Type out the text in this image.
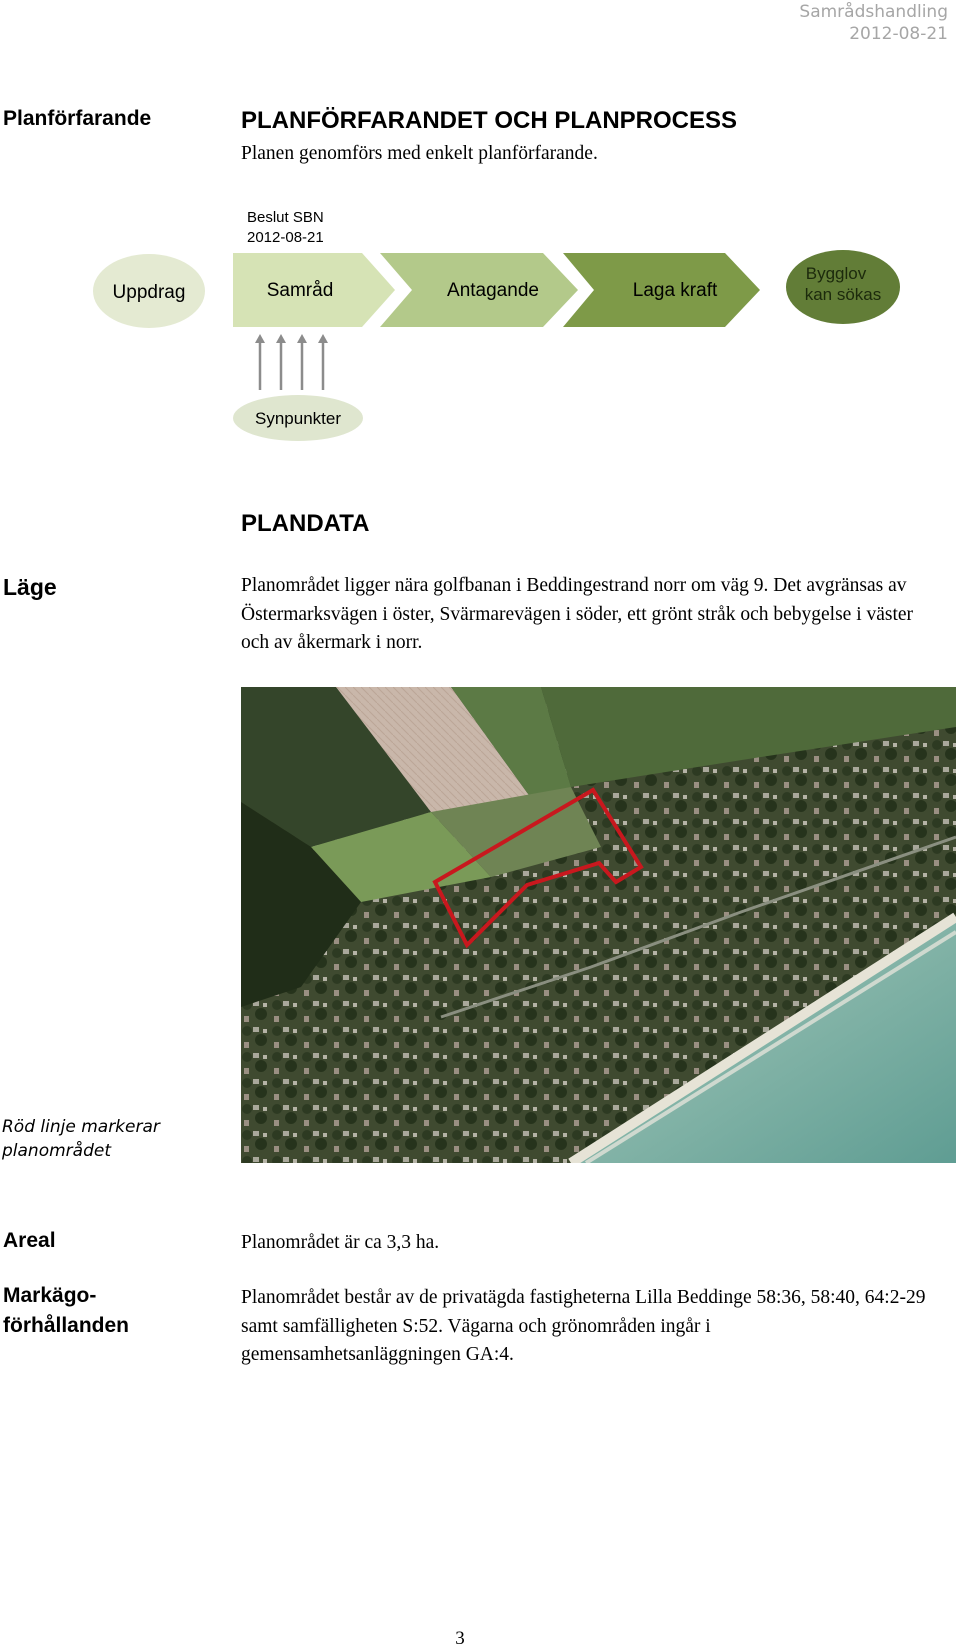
Samrådshandling
2012-08-21
Planförfarande	PLANFÖRFARANDET OCH PLANPROCESS
Planen genomförs med enkelt planförfarande.
Beslut SBN
2012-08-21
Uppdrag	Samråd	Antagande	Laga kraft
Bygglov
kan sökas
Synpunkter
PLANDATA
Läge	Planområdet ligger nära golfbanan i Beddingestrand norr om väg 9. Det avgränsas av Östermarksvägen i öster, Svärmarevägen i söder, ett grönt stråk och bebygelse i väster och av åkermark i norr.
Röd linje markerar
planområdet
Areal	Planområdet är ca 3,3 ha.
Markägo-
förhållanden
Planområdet består av de privatägda fastigheterna Lilla Beddinge 58:36, 58:40, 64:2-29 samt samfälligheten S:52. Vägarna och grönområden ingår i gemensamhetsanläggningen GA:4.
3
